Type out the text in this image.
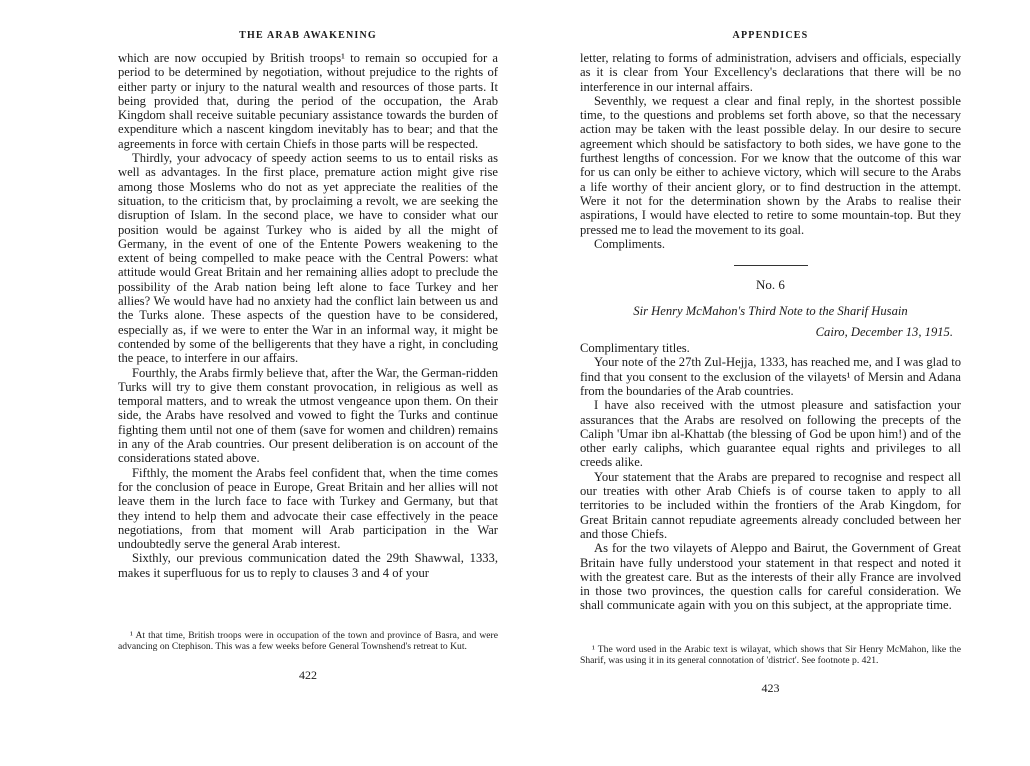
THE ARAB AWAKENING

which are now occupied by British troops¹ to remain so occupied for a period to be determined by negotiation, without prejudice to the rights of either party or injury to the natural wealth and resources of those parts. It being provided that, during the period of the occupation, the Arab Kingdom shall receive suitable pecuniary assistance towards the burden of expenditure which a nascent kingdom inevitably has to bear; and that the agreements in force with certain Chiefs in those parts will be respected.

Thirdly, your advocacy of speedy action seems to us to entail risks as well as advantages. In the first place, premature action might give rise among those Moslems who do not as yet appreciate the realities of the situation, to the criticism that, by proclaiming a revolt, we are seeking the disruption of Islam. In the second place, we have to consider what our position would be against Turkey who is aided by all the might of Germany, in the event of one of the Entente Powers weakening to the extent of being compelled to make peace with the Central Powers: what attitude would Great Britain and her remaining allies adopt to preclude the possibility of the Arab nation being left alone to face Turkey and her allies? We would have had no anxiety had the conflict lain between us and the Turks alone. These aspects of the question have to be considered, especially as, if we were to enter the War in an informal way, it might be contended by some of the belligerents that they have a right, in concluding the peace, to interfere in our affairs.

Fourthly, the Arabs firmly believe that, after the War, the German-ridden Turks will try to give them constant provocation, in religious as well as temporal matters, and to wreak the utmost vengeance upon them. On their side, the Arabs have resolved and vowed to fight the Turks and continue fighting them until not one of them (save for women and children) remains in any of the Arab countries. Our present deliberation is on account of the considerations stated above.

Fifthly, the moment the Arabs feel confident that, when the time comes for the conclusion of peace in Europe, Great Britain and her allies will not leave them in the lurch face to face with Turkey and Germany, but that they intend to help them and advocate their case effectively in the peace negotiations, from that moment will Arab participation in the War undoubtedly serve the general Arab interest.

Sixthly, our previous communication dated the 29th Shawwal, 1333, makes it superfluous for us to reply to clauses 3 and 4 of your

¹ At that time, British troops were in occupation of the town and province of Basra, and were advancing on Ctephison. This was a few weeks before General Townshend's retreat to Kut.

422
APPENDICES

letter, relating to forms of administration, advisers and officials, especially as it is clear from Your Excellency's declarations that there will be no interference in our internal affairs.

Seventhly, we request a clear and final reply, in the shortest possible time, to the questions and problems set forth above, so that the necessary action may be taken with the least possible delay. In our desire to secure agreement which should be satisfactory to both sides, we have gone to the furthest lengths of concession. For we know that the outcome of this war for us can only be either to achieve victory, which will secure to the Arabs a life worthy of their ancient glory, or to find destruction in the attempt. Were it not for the determination shown by the Arabs to realise their aspirations, I would have elected to retire to some mountain-top. But they pressed me to lead the movement to its goal.

Compliments.

No. 6
Sir Henry McMahon's Third Note to the Sharif Husain
Cairo, December 13, 1915.

Complimentary titles.

Your note of the 27th Zul-Hejja, 1333, has reached me, and I was glad to find that you consent to the exclusion of the vilayets¹ of Mersin and Adana from the boundaries of the Arab countries.

I have also received with the utmost pleasure and satisfaction your assurances that the Arabs are resolved on following the precepts of the Caliph 'Umar ibn al-Khattab (the blessing of God be upon him!) and of the other early caliphs, which guarantee equal rights and privileges to all creeds alike.

Your statement that the Arabs are prepared to recognise and respect all our treaties with other Arab Chiefs is of course taken to apply to all territories to be included within the frontiers of the Arab Kingdom, for Great Britain cannot repudiate agreements already concluded between her and those Chiefs.

As for the two vilayets of Aleppo and Bairut, the Government of Great Britain have fully understood your statement in that respect and noted it with the greatest care. But as the interests of their ally France are involved in those two provinces, the question calls for careful consideration. We shall communicate again with you on this subject, at the appropriate time.

¹ The word used in the Arabic text is wilayat, which shows that Sir Henry McMahon, like the Sharif, was using it in its general connotation of 'district'. See footnote p. 421.

423
